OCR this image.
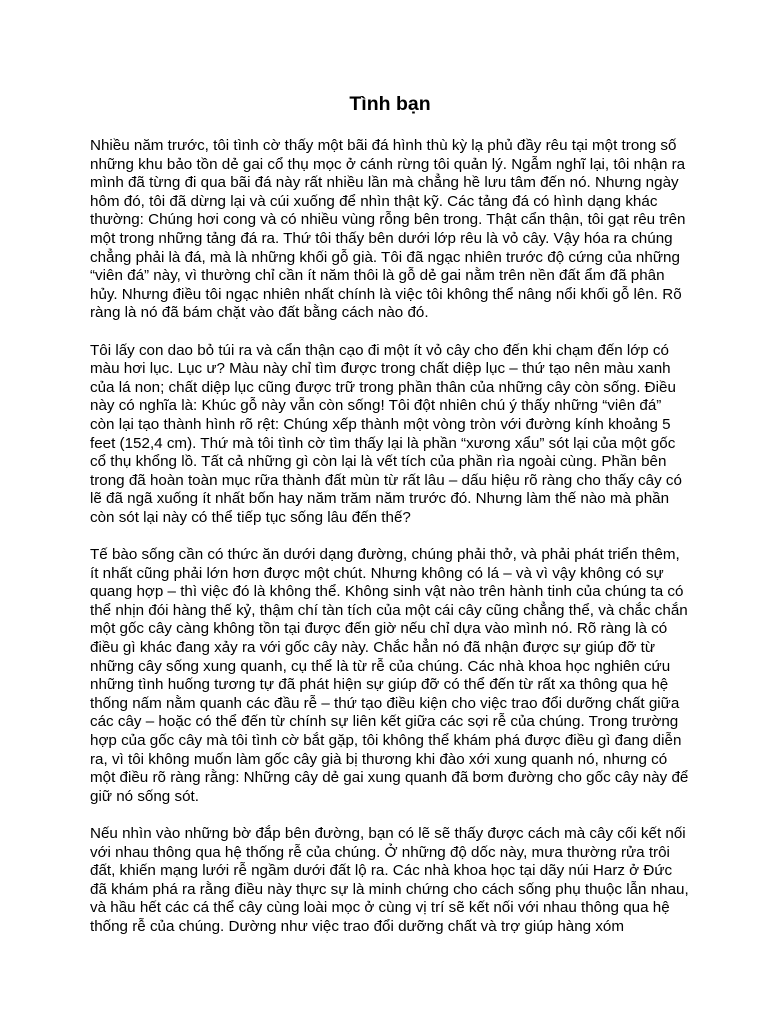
Tình bạn

Nhiều năm trước, tôi tình cờ thấy một bãi đá hình thù kỳ lạ phủ đầy rêu tại một trong số những khu bảo tồn dẻ gai cổ thụ mọc ở cánh rừng tôi quản lý. Ngẫm nghĩ lại, tôi nhận ra mình đã từng đi qua bãi đá này rất nhiều lần mà chẳng hề lưu tâm đến nó. Nhưng ngày hôm đó, tôi đã dừng lại và cúi xuống để nhìn thật kỹ. Các tảng đá có hình dạng khác thường: Chúng hơi cong và có nhiều vùng rỗng bên trong. Thật cẩn thận, tôi gạt rêu trên một trong những tảng đá ra. Thứ tôi thấy bên dưới lớp rêu là vỏ cây. Vậy hóa ra chúng chẳng phải là đá, mà là những khối gỗ già. Tôi đã ngạc nhiên trước độ cứng của những “viên đá” này, vì thường chỉ cần ít năm thôi là gỗ dẻ gai nằm trên nền đất ẩm đã phân hủy. Nhưng điều tôi ngạc nhiên nhất chính là việc tôi không thể nâng nổi khối gỗ lên. Rõ ràng là nó đã bám chặt vào đất bằng cách nào đó.

Tôi lấy con dao bỏ túi ra và cẩn thận cạo đi một ít vỏ cây cho đến khi chạm đến lớp có màu hơi lục. Lục ư? Màu này chỉ tìm được trong chất diệp lục – thứ tạo nên màu xanh của lá non; chất diệp lục cũng được trữ trong phần thân của những cây còn sống. Điều này có nghĩa là: Khúc gỗ này vẫn còn sống! Tôi đột nhiên chú ý thấy những “viên đá” còn lại tạo thành hình rõ rệt: Chúng xếp thành một vòng tròn với đường kính khoảng 5 feet (152,4 cm). Thứ mà tôi tình cờ tìm thấy lại là phần “xương xẩu” sót lại của một gốc cổ thụ khổng lồ. Tất cả những gì còn lại là vết tích của phần rìa ngoài cùng. Phần bên trong đã hoàn toàn mục rữa thành đất mùn từ rất lâu – dấu hiệu rõ ràng cho thấy cây có lẽ đã ngã xuống ít nhất bốn hay năm trăm năm trước đó. Nhưng làm thế nào mà phần còn sót lại này có thể tiếp tục sống lâu đến thế?

Tế bào sống cần có thức ăn dưới dạng đường, chúng phải thở, và phải phát triển thêm, ít nhất cũng phải lớn hơn được một chút. Nhưng không có lá – và vì vậy không có sự quang hợp – thì việc đó là không thể. Không sinh vật nào trên hành tinh của chúng ta có thể nhịn đói hàng thế kỷ, thậm chí tàn tích của một cái cây cũng chẳng thể, và chắc chắn một gốc cây càng không tồn tại được đến giờ nếu chỉ dựa vào mình nó. Rõ ràng là có điều gì khác đang xảy ra với gốc cây này. Chắc hẳn nó đã nhận được sự giúp đỡ từ những cây sống xung quanh, cụ thể là từ rễ của chúng. Các nhà khoa học nghiên cứu những tình huống tương tự đã phát hiện sự giúp đỡ có thể đến từ rất xa thông qua hệ thống nấm nằm quanh các đầu rễ – thứ tạo điều kiện cho việc trao đổi dưỡng chất giữa các cây – hoặc có thể đến từ chính sự liên kết giữa các sợi rễ của chúng. Trong trường hợp của gốc cây mà tôi tình cờ bắt gặp, tôi không thể khám phá được điều gì đang diễn ra, vì tôi không muốn làm gốc cây già bị thương khi đào xới xung quanh nó, nhưng có một điều rõ ràng rằng: Những cây dẻ gai xung quanh đã bơm đường cho gốc cây này để giữ nó sống sót.

Nếu nhìn vào những bờ đắp bên đường, bạn có lẽ sẽ thấy được cách mà cây cối kết nối với nhau thông qua hệ thống rễ của chúng. Ở những độ dốc này, mưa thường rửa trôi đất, khiến mạng lưới rễ ngầm dưới đất lộ ra. Các nhà khoa học tại dãy núi Harz ở Đức đã khám phá ra rằng điều này thực sự là minh chứng cho cách sống phụ thuộc lẫn nhau, và hầu hết các cá thể cây cùng loài mọc ở cùng vị trí sẽ kết nối với nhau thông qua hệ thống rễ của chúng. Dường như việc trao đổi dưỡng chất và trợ giúp hàng xóm
